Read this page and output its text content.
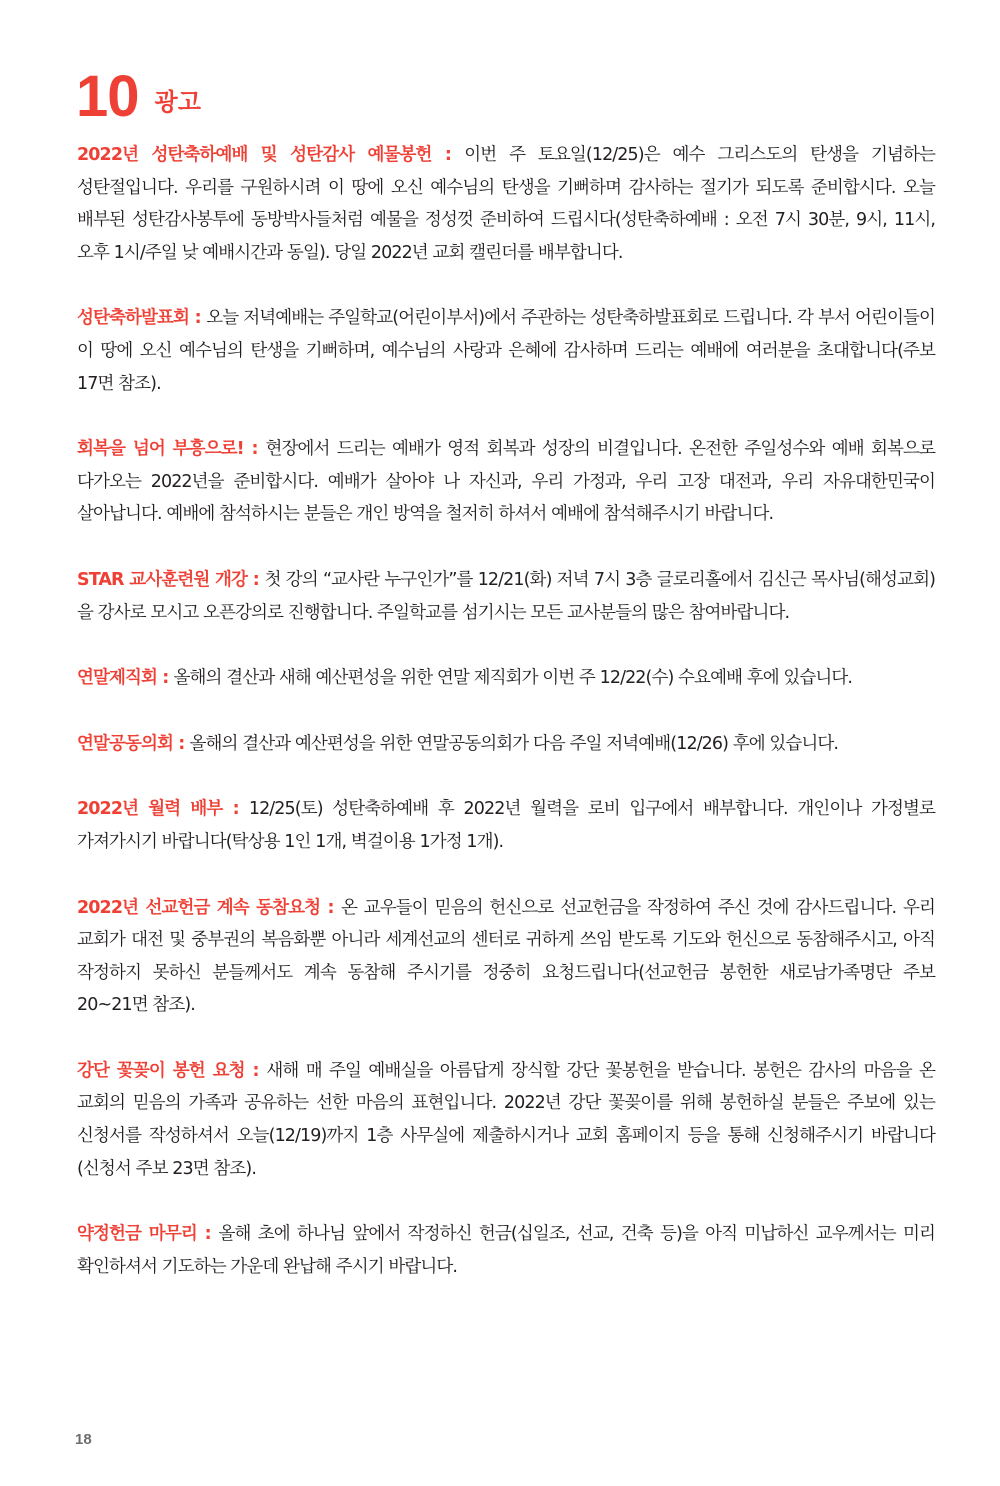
10 광고

2022년 성탄축하예배 및 성탄감사 예물봉헌 : 이번 주 토요일(12/25)은 예수 그리스도의 탄생을 기념하는 성탄절입니다. 우리를 구원하시려 이 땅에 오신 예수님의 탄생을 기뻐하며 감사하는 절기가 되도록 준비합시다. 오늘 배부된 성탄감사봉투에 동방박사들처럼 예물을 정성껏 준비하여 드립시다(성탄축하예배 : 오전 7시 30분, 9시, 11시, 오후 1시/주일 낮 예배시간과 동일). 당일 2022년 교회 캘린더를 배부합니다.

성탄축하발표회 : 오늘 저녁예배는 주일학교(어린이부서)에서 주관하는 성탄축하발표회로 드립니다. 각 부서 어린이들이 이 땅에 오신 예수님의 탄생을 기뻐하며, 예수님의 사랑과 은혜에 감사하며 드리는 예배에 여러분을 초대합니다(주보 17면 참조).

회복을 넘어 부흥으로! : 현장에서 드리는 예배가 영적 회복과 성장의 비결입니다. 온전한 주일성수와 예배 회복으로 다가오는 2022년을 준비합시다. 예배가 살아야 나 자신과, 우리 가정과, 우리 고장 대전과, 우리 자유대한민국이 살아납니다. 예배에 참석하시는 분들은 개인 방역을 철저히 하셔서 예배에 참석해주시기 바랍니다.

STAR 교사훈련원 개강 : 첫 강의 “교사란 누구인가”를 12/21(화) 저녁 7시 3층 글로리홀에서 김신근 목사님(해성교회)을 강사로 모시고 오픈강의로 진행합니다. 주일학교를 섬기시는 모든 교사분들의 많은 참여바랍니다.

연말제직회 : 올해의 결산과 새해 예산편성을 위한 연말 제직회가 이번 주 12/22(수) 수요예배 후에 있습니다.

연말공동의회 : 올해의 결산과 예산편성을 위한 연말공동의회가 다음 주일 저녁예배(12/26) 후에 있습니다.

2022년 월력 배부 : 12/25(토) 성탄축하예배 후 2022년 월력을 로비 입구에서 배부합니다. 개인이나 가정별로 가져가시기 바랍니다(탁상용 1인 1개, 벽걸이용 1가정 1개).

2022년 선교헌금 계속 동참요청 : 온 교우들이 믿음의 헌신으로 선교헌금을 작정하여 주신 것에 감사드립니다. 우리 교회가 대전 및 중부권의 복음화뿐 아니라 세계선교의 센터로 귀하게 쓰임 받도록 기도와 헌신으로 동참해주시고, 아직 작정하지 못하신 분들께서도 계속 동참해 주시기를 정중히 요청드립니다(선교헌금 봉헌한 새로남가족명단 주보 20~21면 참조).

강단 꽃꽂이 봉헌 요청 : 새해 매 주일 예배실을 아름답게 장식할 강단 꽃봉헌을 받습니다. 봉헌은 감사의 마음을 온 교회의 믿음의 가족과 공유하는 선한 마음의 표현입니다. 2022년 강단 꽃꽂이를 위해 봉헌하실 분들은 주보에 있는 신청서를 작성하셔서 오늘(12/19)까지 1층 사무실에 제출하시거나 교회 홈페이지 등을 통해 신청해주시기 바랍니다(신청서 주보 23면 참조).

약정헌금 마무리 : 올해 초에 하나님 앞에서 작정하신 헌금(십일조, 선교, 건축 등)을 아직 미납하신 교우께서는 미리 확인하셔서 기도하는 가운데 완납해 주시기 바랍니다.

18
